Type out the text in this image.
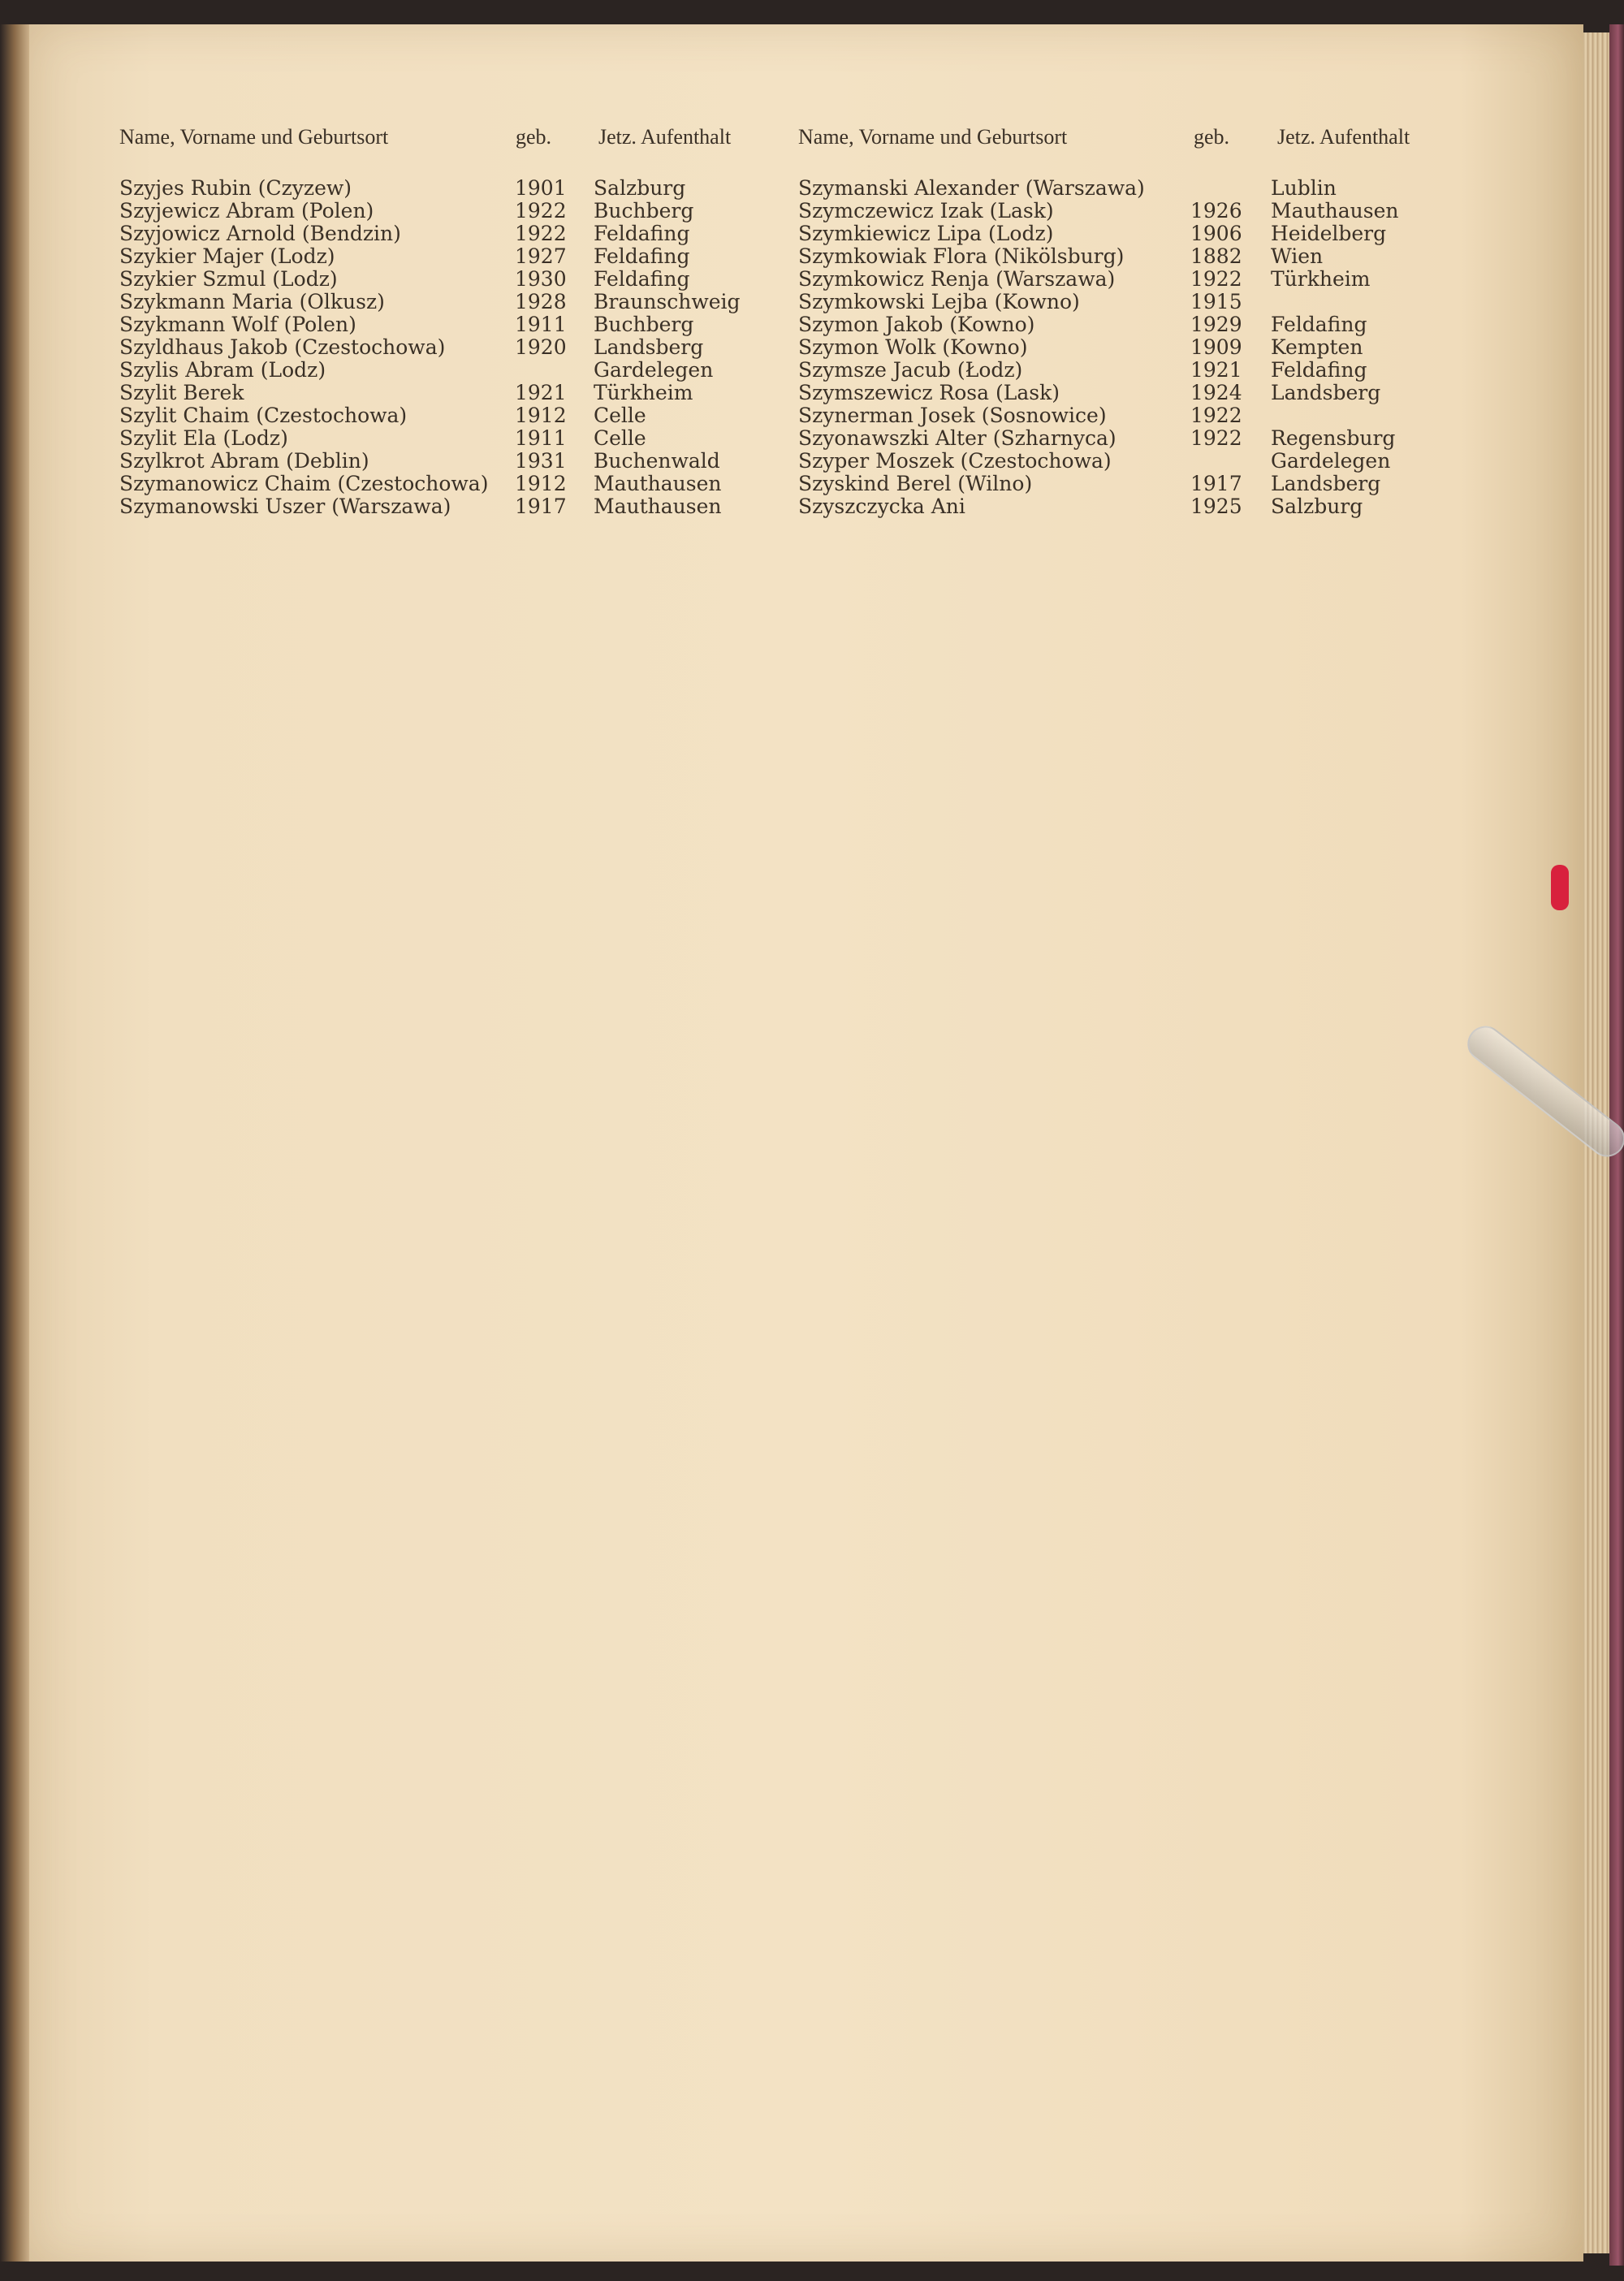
Name, Vorname und Geburtsort	geb. Jetz. Aufenthalt	Name, Vorname und Geburtsort	geb. Jetz. Aufenthalt
Szyjes Rubin (Czyzew)	1901 Salzburg
Szyjewicz Abram (Polen)	1922 Buchberg
Szyjowicz Arnold (Bendzin)	1922 Feldafing
Szykier Majer (Lodz)	1927 Feldafing
Szykier Szmul (Lodz)	1930 Feldafing
Szykmann Maria (Olkusz)	1928 Braunschweig
Szykmann Wolf (Polen)	1911 Buchberg
Szyldhaus Jakob (Czestochowa)	1920 Landsberg
Szylis Abram (Lodz)	Gardelegen
Szylit Berek	1921 Türkheim
Szylit Chaim (Czestochowa)	1912 Celle
Szylit Ela (Lodz)	1911 Celle
Szylkrot Abram (Deblin)	1931 Buchenwald
Szymanowicz Chaim (Czestochowa) 1912 Mauthausen
Szymanowski Uszer (Warszawa)	1917 Mauthausen
Szymanski Alexander (Warszawa)	Lublin
Szymczewicz Izak (Lask)	1926 Mauthausen
Szymkiewicz Lipa (Lodz)	1906 Heidelberg
Szymkowiak Flora (Nikölsburg)	1882 Wien
Szymkowicz Renja (Warszawa)	1922 Türkheim
Szymkowski Lejba (Kowno)	1915
Szymon Jakob (Kowno)	1929 Feldafing
Szymon Wolk (Kowno)	1909 Kempten
Szymsze Jacub (Łodz)	1921 Feldafing
Szymszewicz Rosa (Lask)	1924 Landsberg
Szynerman Josek (Sosnowice)	1922
Szyonawszki Alter (Szharnyca)	1922 Regensburg
Szyper Moszek (Czestochowa)	Gardelegen
Szyskind Berel (Wilno)	1917 Landsberg
Szyszczycka Ani	1925 Salzburg
